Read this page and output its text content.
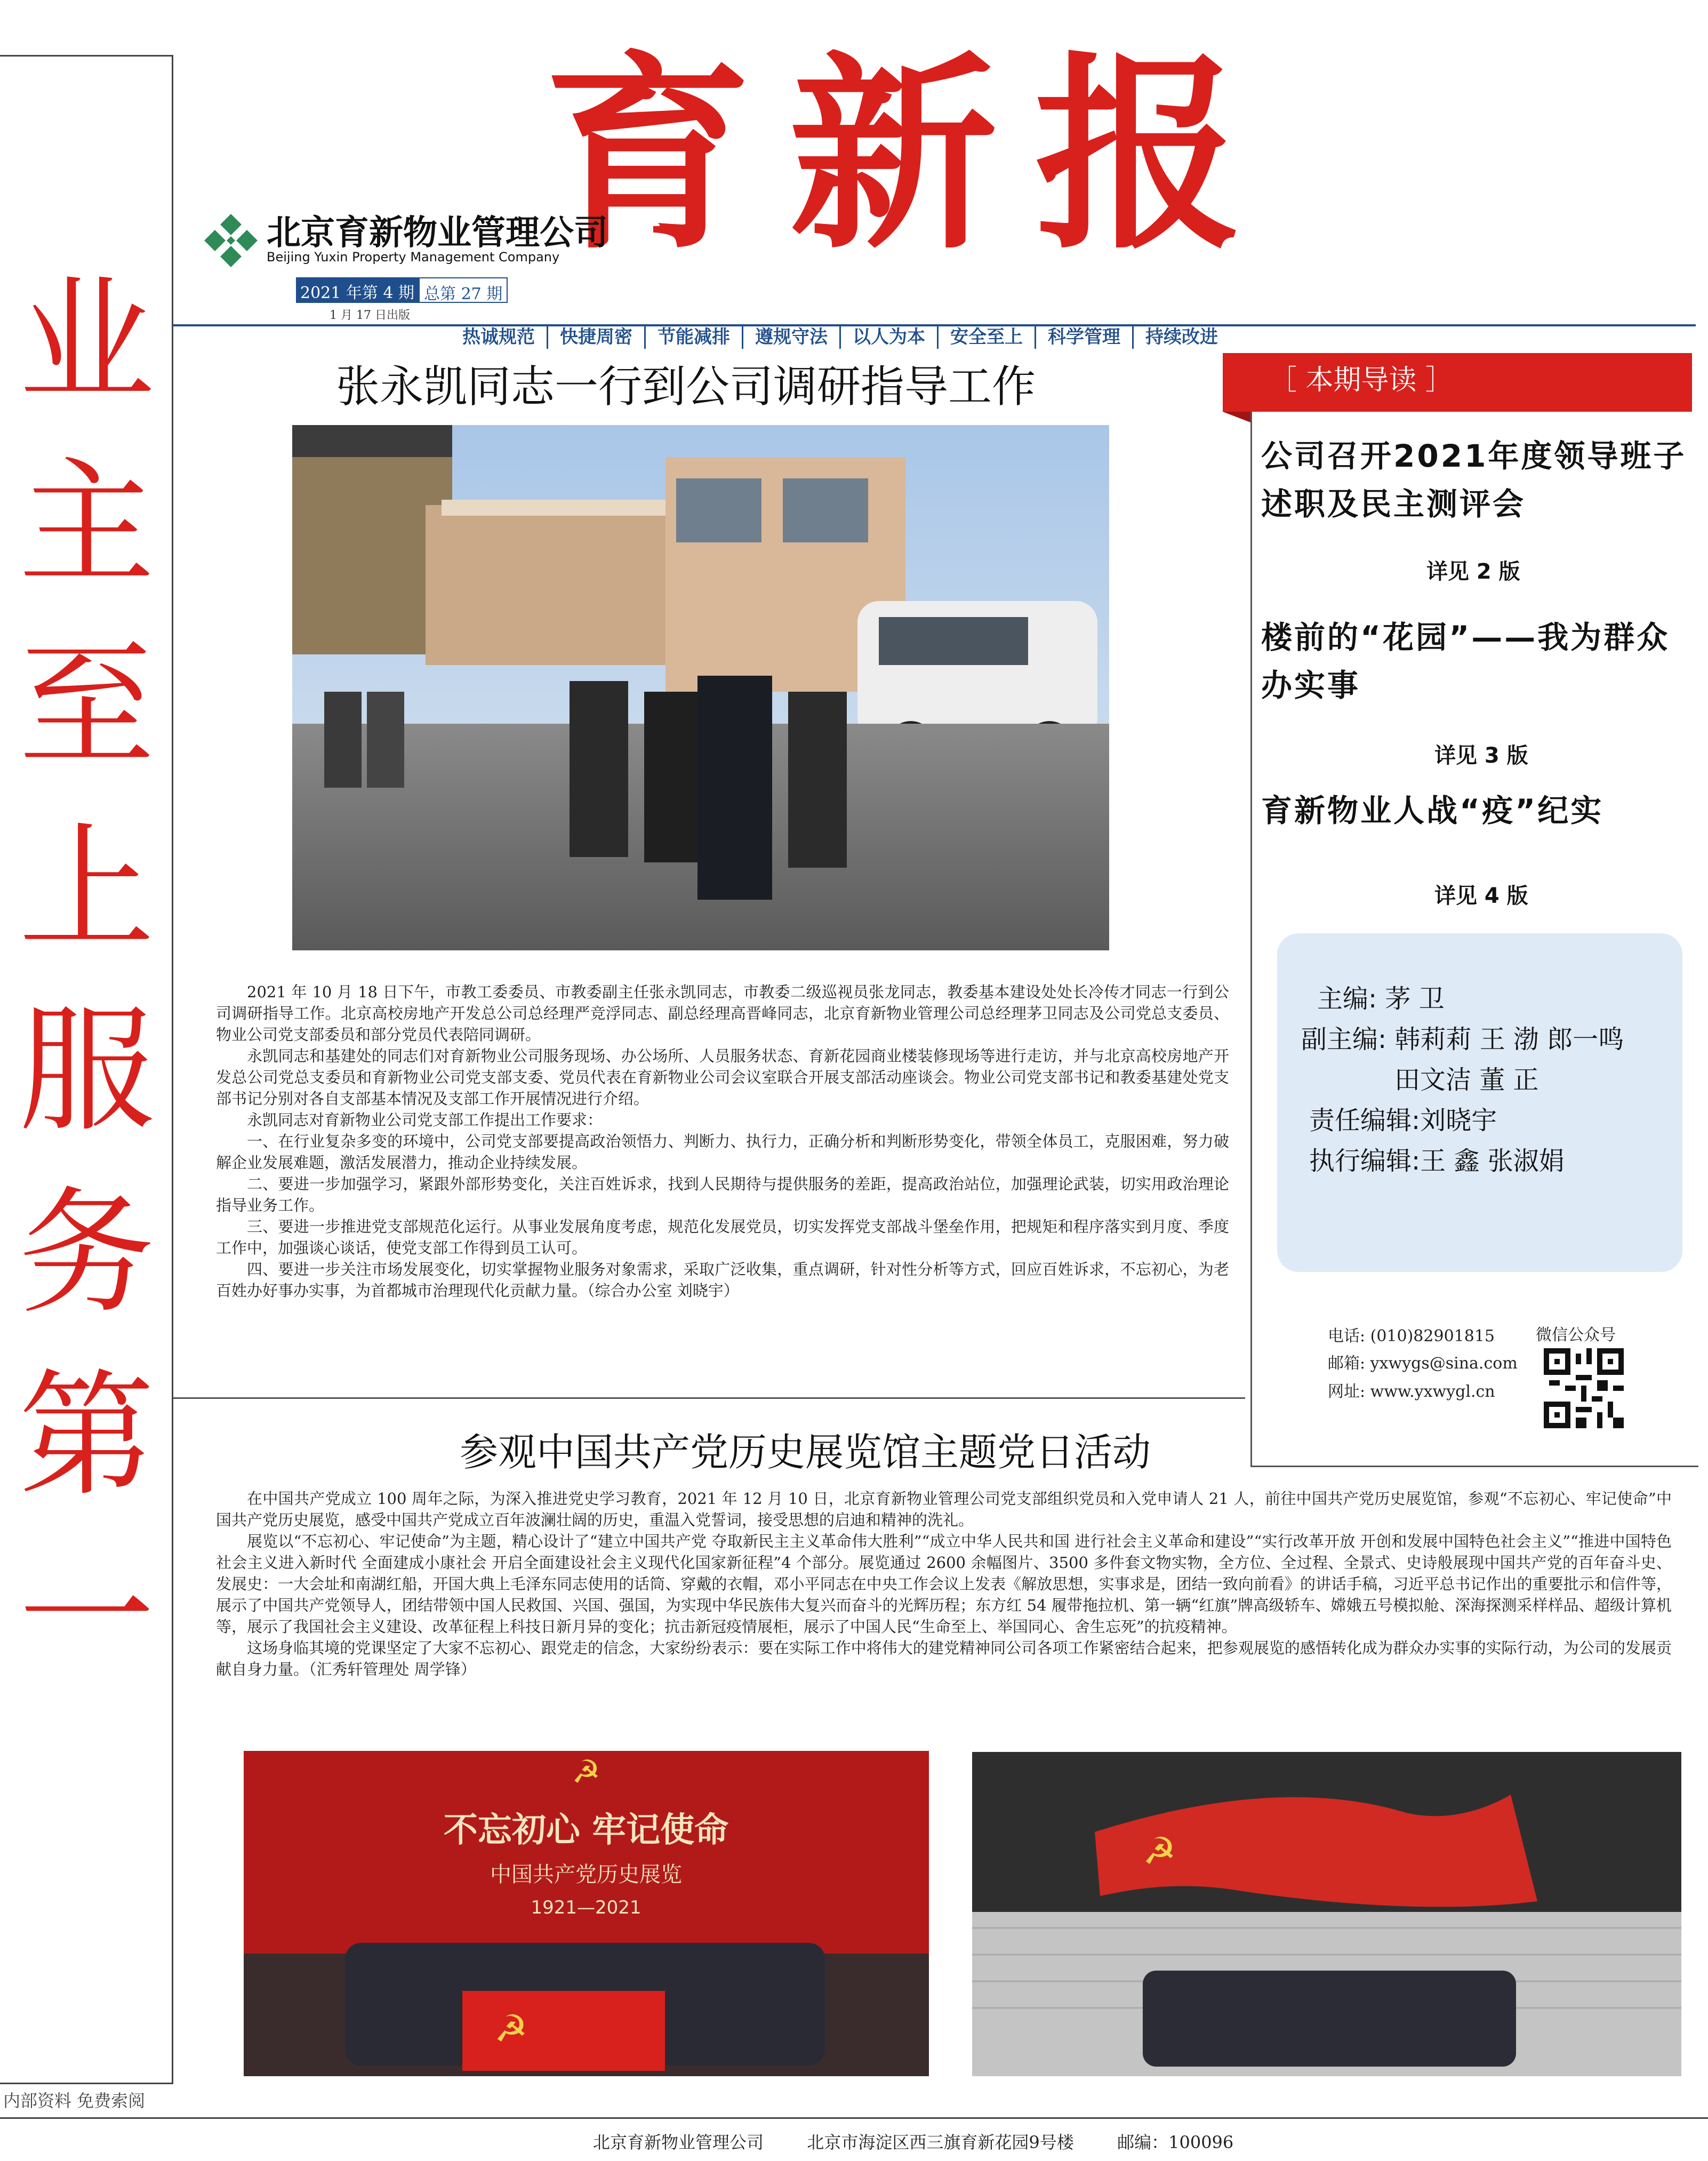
业
主
至
上
服
务
第
一
内部资料 免费索阅
育新报
北京育新物业管理公司
Beijing Yuxin Property Management Company
2021 年第 4 期 总第 27 期
1 月 17 日出版
热诚规范	快捷周密	节能减排	遵规守法	以人为本	安全至上	科学管理	持续改进
张永凯同志一行到公司调研指导工作

2021 年 10 月 18 日下午，市教工委委员、市教委副主任张永凯同志，市教委二级巡视员张龙同志，教委基本建设处处长冷传才同志一行到公司调研指导工作。北京高校房地产开发总公司总经理严竞浮同志、副总经理高晋峰同志，北京育新物业管理公司总经理茅卫同志及公司党总支委员、物业公司党支部委员和部分党员代表陪同调研。

永凯同志和基建处的同志们对育新物业公司服务现场、办公场所、人员服务状态、育新花园商业楼装修现场等进行走访，并与北京高校房地产开发总公司党总支委员和育新物业公司党支部支委、党员代表在育新物业公司会议室联合开展支部活动座谈会。物业公司党支部书记和教委基建处党支部书记分别对各自支部基本情况及支部工作开展情况进行介绍。

永凯同志对育新物业公司党支部工作提出工作要求：

一、在行业复杂多变的环境中，公司党支部要提高政治领悟力、判断力、执行力，正确分析和判断形势变化，带领全体员工，克服困难，努力破解企业发展难题，激活发展潜力，推动企业持续发展。

二、要进一步加强学习，紧跟外部形势变化，关注百姓诉求，找到人民期待与提供服务的差距，提高政治站位，加强理论武装，切实用政治理论指导业务工作。

三、要进一步推进党支部规范化运行。从事业发展角度考虑，规范化发展党员，切实发挥党支部战斗堡垒作用，把规矩和程序落实到月度、季度工作中，加强谈心谈话，使党支部工作得到员工认可。

四、要进一步关注市场发展变化，切实掌握物业服务对象需求，采取广泛收集，重点调研，针对性分析等方式，回应百姓诉求，不忘初心，为老百姓办好事办实事，为首都城市治理现代化贡献力量。（综合办公室 刘晓宇）

［ 本期导读 ］
公司召开2021年度领导班子述职及民主测评会
详见 2 版
楼前的“花园”——我为群众办实事
详见 3 版
育新物业人战“疫”纪实
详见 4 版
主编: 茅 卫
副主编: 韩莉莉 王 渤 郎一鸣
田文洁 董 正
责任编辑:刘晓宇
执行编辑:王 鑫 张淑娟
电话: (010)82901815
邮箱: yxwygs@sina.com
网址: www.yxwygl.cn
微信公众号
参观中国共产党历史展览馆主题党日活动

在中国共产党成立 100 周年之际，为深入推进党史学习教育，2021 年 12 月 10 日，北京育新物业管理公司党支部组织党员和入党申请人 21 人，前往中国共产党历史展览馆，参观“不忘初心、牢记使命”中国共产党历史展览，感受中国共产党成立百年波澜壮阔的历史，重温入党誓词，接受思想的启迪和精神的洗礼。

展览以“不忘初心、牢记使命”为主题，精心设计了“建立中国共产党 夺取新民主主义革命伟大胜利”“成立中华人民共和国 进行社会主义革命和建设”“实行改革开放 开创和发展中国特色社会主义”“推进中国特色社会主义进入新时代 全面建成小康社会 开启全面建设社会主义现代化国家新征程”4 个部分。展览通过 2600 余幅图片、3500 多件套文物实物，全方位、全过程、全景式、史诗般展现中国共产党的百年奋斗史、发展史：一大会址和南湖红船，开国大典上毛泽东同志使用的话筒、穿戴的衣帽，邓小平同志在中央工作会议上发表《解放思想，实事求是，团结一致向前看》的讲话手稿，习近平总书记作出的重要批示和信件等，展示了中国共产党领导人，团结带领中国人民救国、兴国、强国，为实现中华民族伟大复兴而奋斗的光辉历程；东方红 54 履带拖拉机、第一辆“红旗”牌高级轿车、嫦娥五号模拟舱、深海探测采样样品、超级计算机等，展示了我国社会主义建设、改革征程上科技日新月异的变化；抗击新冠疫情展柜，展示了中国人民“生命至上、举国同心、舍生忘死”的抗疫精神。

这场身临其境的党课坚定了大家不忘初心、跟党走的信念，大家纷纷表示：要在实际工作中将伟大的建党精神同公司各项工作紧密结合起来，把参观展览的感悟转化成为群众办实事的实际行动，为公司的发展贡献自身力量。（汇秀轩管理处 周学锋）

☭
不忘初心 牢记使命
中国共产党历史展览
1921—2021
☭
☭
北京育新物业管理公司        北京市海淀区西三旗育新花园9号楼        邮编：100096
